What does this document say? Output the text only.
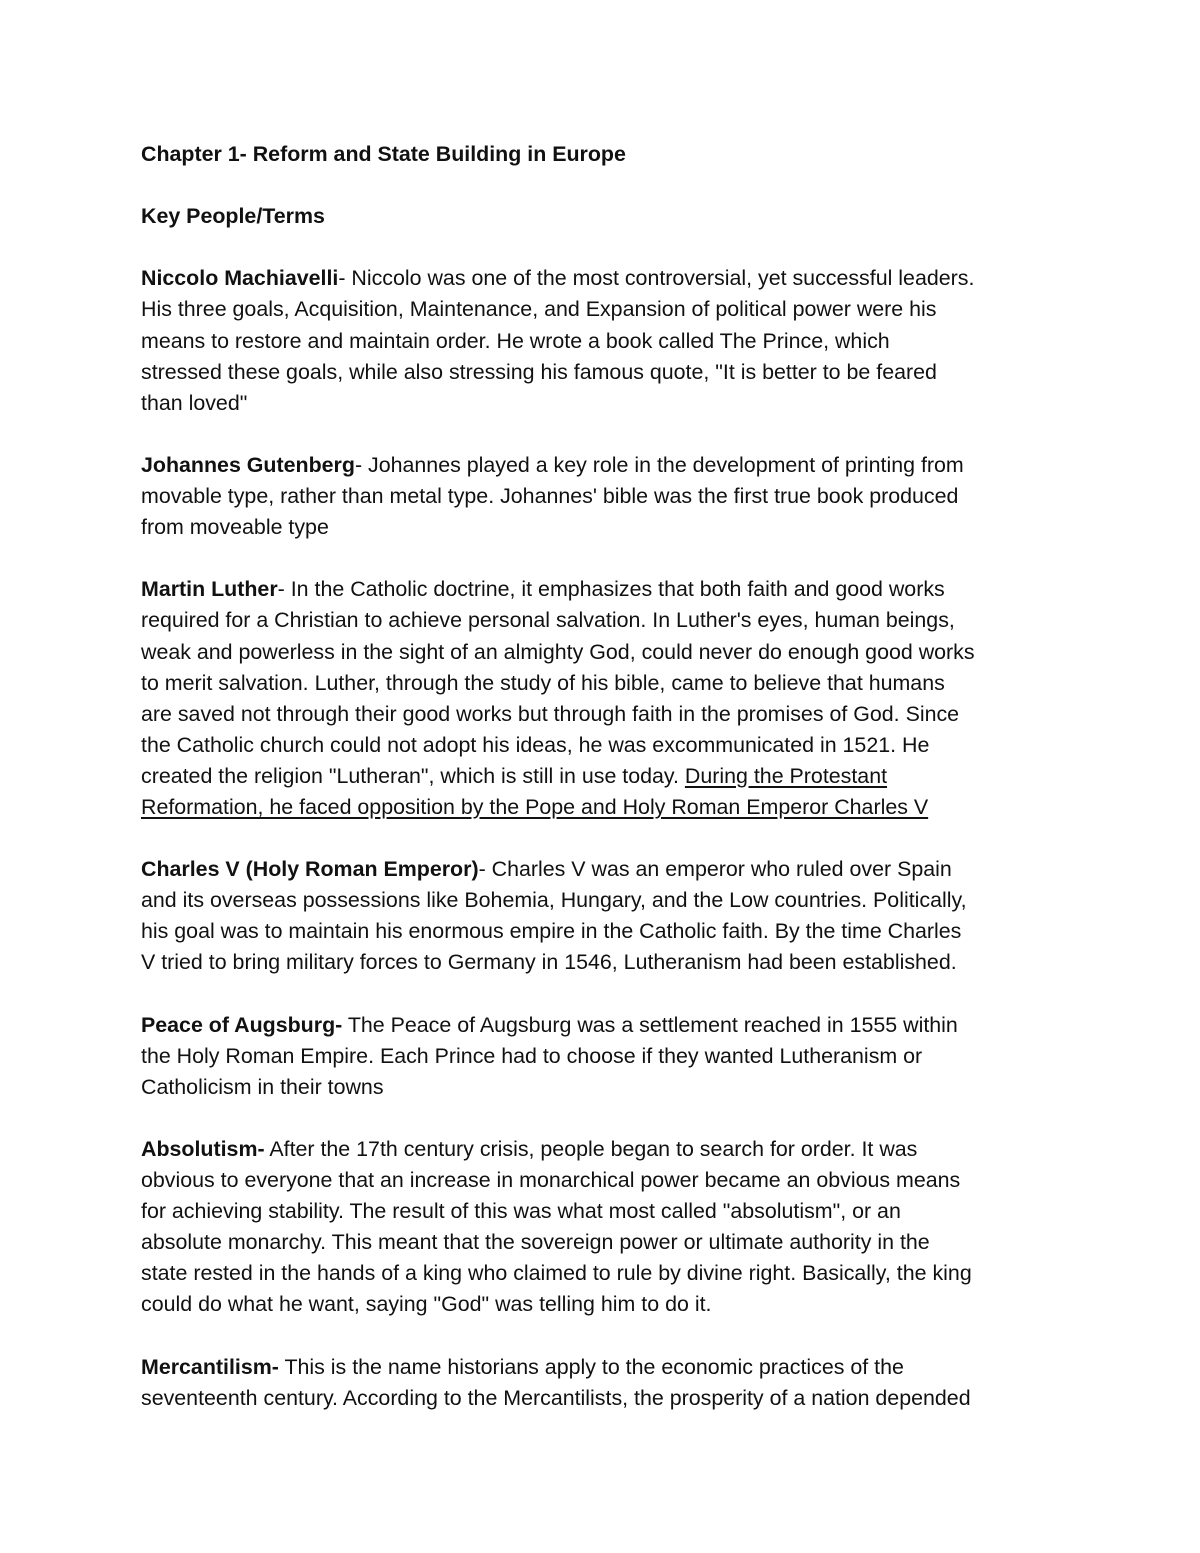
Chapter 1- Reform and State Building in Europe
Key People/Terms
Niccolo Machiavelli- Niccolo was one of the most controversial, yet successful leaders.
His three goals, Acquisition, Maintenance, and Expansion of political power were his
means to restore and maintain order. He wrote a book called The Prince, which
stressed these goals, while also stressing his famous quote, "It is better to be feared
than loved"
Johannes Gutenberg- Johannes played a key role in the development of printing from
movable type, rather than metal type. Johannes' bible was the first true book produced
from moveable type
Martin Luther- In the Catholic doctrine, it emphasizes that both faith and good works
required for a Christian to achieve personal salvation. In Luther's eyes, human beings,
weak and powerless in the sight of an almighty God, could never do enough good works
to merit salvation. Luther, through the study of his bible, came to believe that humans
are saved not through their good works but through faith in the promises of God. Since
the Catholic church could not adopt his ideas, he was excommunicated in 1521. He
created the religion "Lutheran", which is still in use today. During the Protestant
Reformation, he faced opposition by the Pope and Holy Roman Emperor Charles V
Charles V (Holy Roman Emperor)- Charles V was an emperor who ruled over Spain
and its overseas possessions like Bohemia, Hungary, and the Low countries. Politically,
his goal was to maintain his enormous empire in the Catholic faith. By the time Charles
V tried to bring military forces to Germany in 1546, Lutheranism had been established.
Peace of Augsburg- The Peace of Augsburg was a settlement reached in 1555 within
the Holy Roman Empire. Each Prince had to choose if they wanted Lutheranism or
Catholicism in their towns
Absolutism- After the 17th century crisis, people began to search for order. It was
obvious to everyone that an increase in monarchical power became an obvious means
for achieving stability. The result of this was what most called "absolutism", or an
absolute monarchy. This meant that the sovereign power or ultimate authority in the
state rested in the hands of a king who claimed to rule by divine right. Basically, the king
could do what he want, saying "God" was telling him to do it.
Mercantilism- This is the name historians apply to the economic practices of the
seventeenth century. According to the Mercantilists, the prosperity of a nation depended
